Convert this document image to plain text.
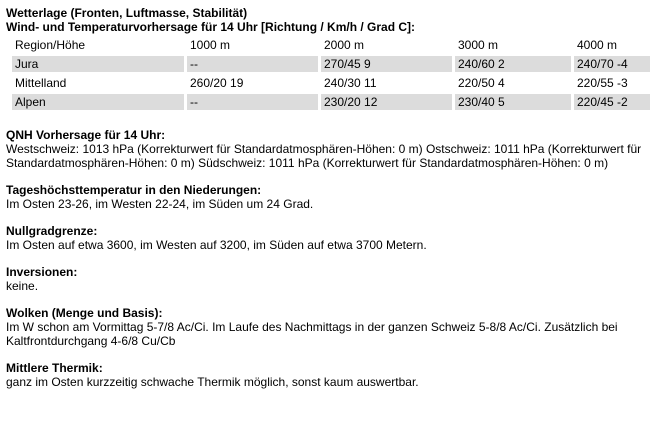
Wetterlage (Fronten, Luftmasse, Stabilität)

Wind- und Temperaturvorhersage für 14 Uhr [Richtung / Km/h / Grad C]:

Region/Höhe	1000 m	2000 m	3000 m	4000 m
Jura	--	270/45 9	240/60 2	240/70 -4
Mittelland	260/20 19	240/30 11	220/50 4	220/55 -3
Alpen	--	230/20 12	230/40 5	220/45 -2

QNH Vorhersage für 14 Uhr:

Westschweiz: 1013 hPa (Korrekturwert für Standardatmosphären-Höhen: 0 m) Ostschweiz: 1011 hPa (Korrekturwert für Standardatmosphären-Höhen: 0 m) Südschweiz: 1011 hPa (Korrekturwert für Standardatmosphären-Höhen: 0 m)

Tageshöchsttemperatur in den Niederungen:

Im Osten 23-26, im Westen 22-24, im Süden um 24 Grad.

Nullgradgrenze:

Im Osten auf etwa 3600, im Westen auf 3200, im Süden auf etwa 3700 Metern.

Inversionen:

keine.

Wolken (Menge und Basis):

Im W schon am Vormittag 5-7/8 Ac/Ci. Im Laufe des Nachmittags in der ganzen Schweiz 5-8/8 Ac/Ci. Zusätzlich bei Kaltfrontdurchgang 4-6/8 Cu/Cb

Mittlere Thermik:

ganz im Osten kurzzeitig schwache Thermik möglich, sonst kaum auswertbar.
